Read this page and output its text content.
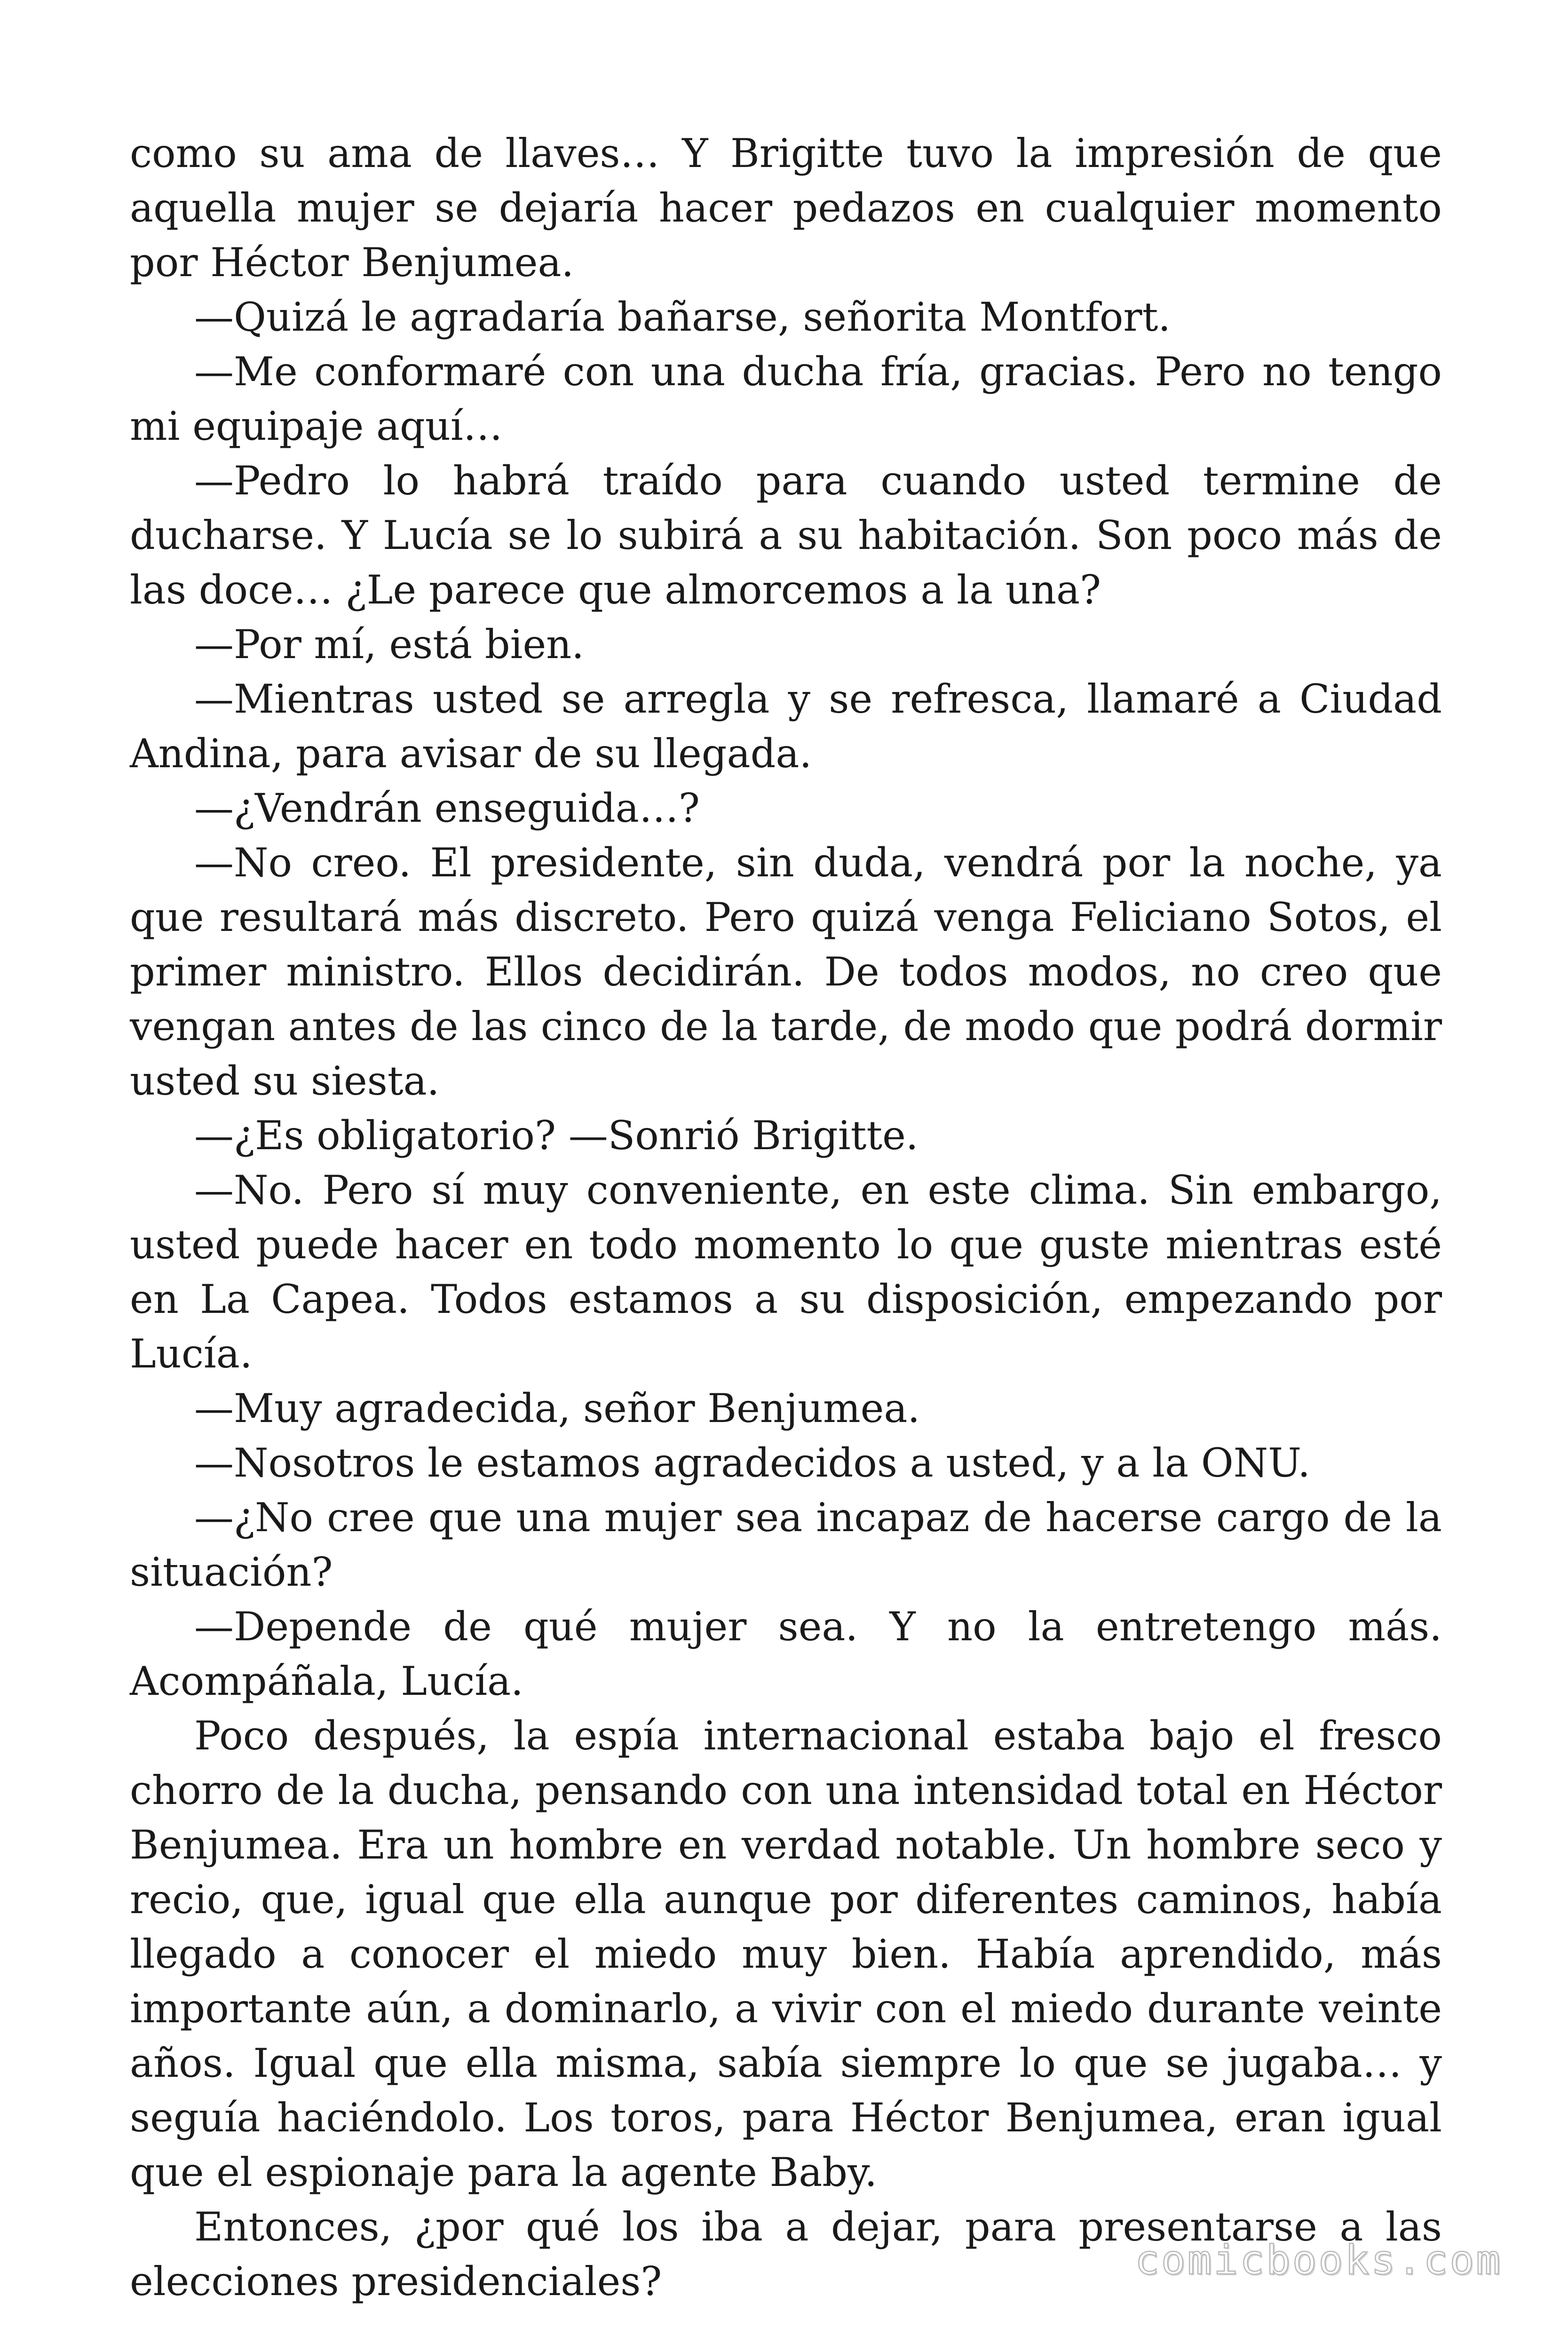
como su ama de llaves… Y Brigitte tuvo la impresión de que aquella mujer se dejaría hacer pedazos en cualquier momento por Héctor Benjumea.

—Quizá le agradaría bañarse, señorita Montfort.

—Me conformaré con una ducha fría, gracias. Pero no tengo mi equipaje aquí…

—Pedro lo habrá traído para cuando usted termine de ducharse. Y Lucía se lo subirá a su habitación. Son poco más de las doce… ¿Le parece que almorcemos a la una?

—Por mí, está bien.

—Mientras usted se arregla y se refresca, llamaré a Ciudad Andina, para avisar de su llegada.

—¿Vendrán enseguida…?

—No creo. El presidente, sin duda, vendrá por la noche, ya que resultará más discreto. Pero quizá venga Feliciano Sotos, el primer ministro. Ellos decidirán. De todos modos, no creo que vengan antes de las cinco de la tarde, de modo que podrá dormir usted su siesta.

—¿Es obligatorio? —Sonrió Brigitte.

—No. Pero sí muy conveniente, en este clima. Sin embargo, usted puede hacer en todo momento lo que guste mientras esté en La Capea. Todos estamos a su disposición, empezando por Lucía.

—Muy agradecida, señor Benjumea.

—Nosotros le estamos agradecidos a usted, y a la ONU.

—¿No cree que una mujer sea incapaz de hacerse cargo de la situación?

—Depende de qué mujer sea. Y no la entretengo más. Acompáñala, Lucía.

Poco después, la espía internacional estaba bajo el fresco chorro de la ducha, pensando con una intensidad total en Héctor Benjumea. Era un hombre en verdad notable. Un hombre seco y recio, que, igual que ella aunque por diferentes caminos, había llegado a conocer el miedo muy bien. Había aprendido, más importante aún, a dominarlo, a vivir con el miedo durante veinte años. Igual que ella misma, sabía siempre lo que se jugaba… y seguía haciéndolo. Los toros, para Héctor Benjumea, eran igual que el espionaje para la agente Baby.

Entonces, ¿por qué los iba a dejar, para presentarse a las elecciones presidenciales?	comicbooks.com
